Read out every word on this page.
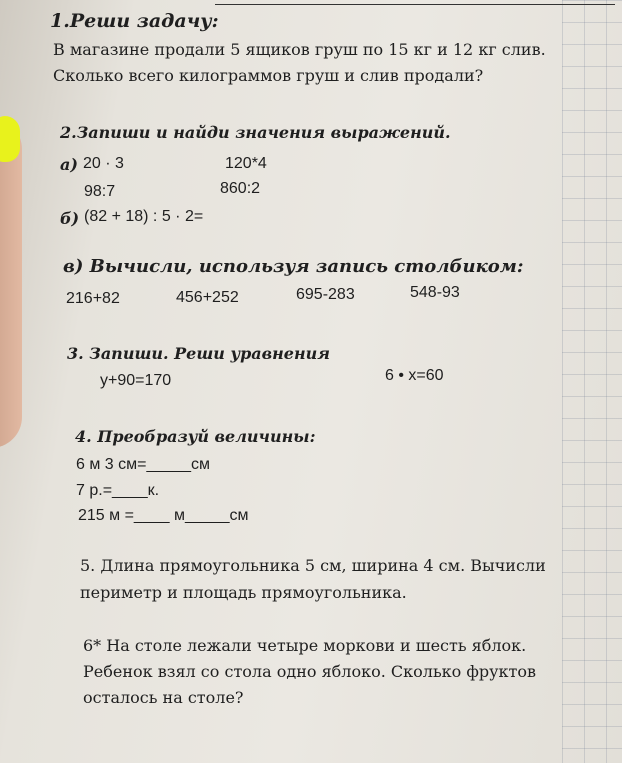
1.Реши задачу:
В магазине продали 5 ящиков груш по 15 кг и 12 кг слив.
Сколько всего килограммов груш и слив продали?
2.Запиши и найди значения выражений.
а) 20 · 3	120*4
98:7	860:2
б) (82 + 18) : 5 · 2=
в) Вычисли, используя запись столбиком:
216+82	456+252	695-283	548-93
3. Запиши. Реши уравнения
у+90=170	6 • х=60
4. Преобразуй величины:
6 м 3 см=_____см
7 р.=____к.
215 м =____ м_____см
5. Длина прямоугольника 5 см, ширина 4 см. Вычисли
периметр и площадь прямоугольника.
6* На столе лежали четыре моркови и шесть яблок.
Ребенок взял со стола одно яблоко. Сколько фруктов
осталось на столе?
